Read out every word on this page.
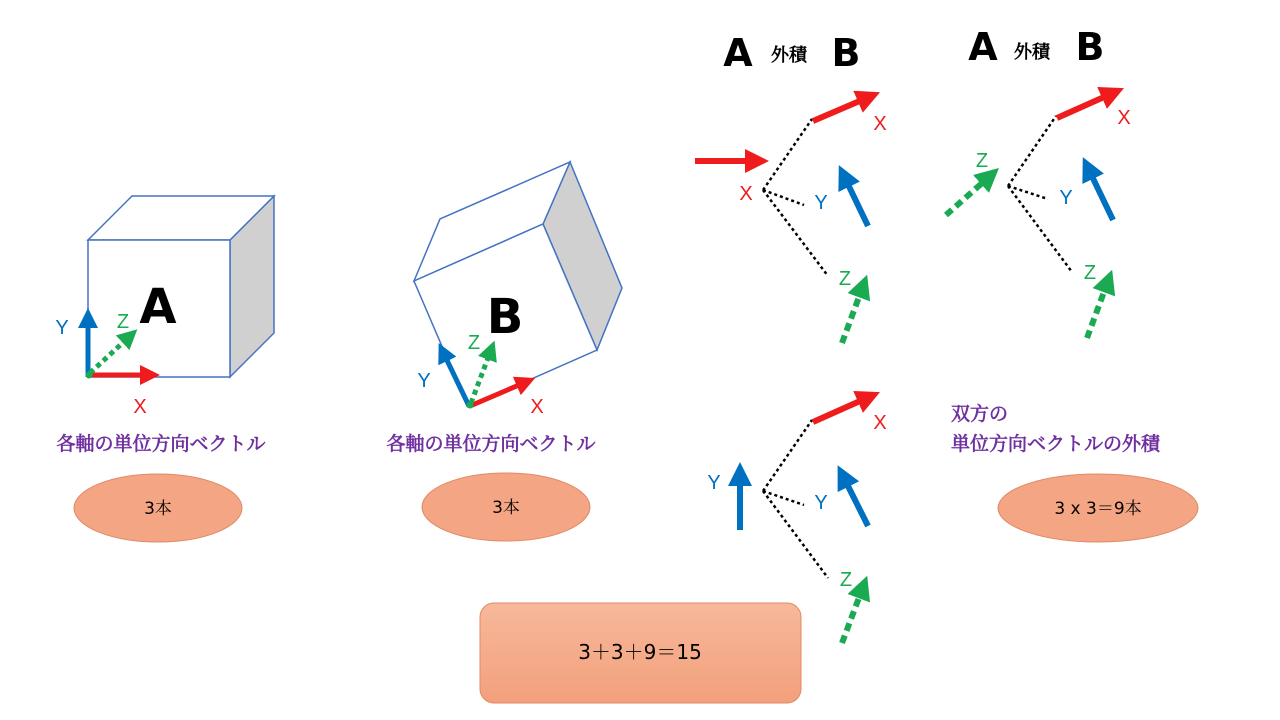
A
X
Y Z
各軸の単位方向ベクトル
3本
B
X
Y
Z
各軸の単位方向ベクトル
3本
A 外積 B	A 外積 B
X
X
Y
Z
Z
X
Y
Z
Y
X
Y
Z
双方の
単位方向ベクトルの外積
3 x 3＝9本
3＋3＋9＝15
